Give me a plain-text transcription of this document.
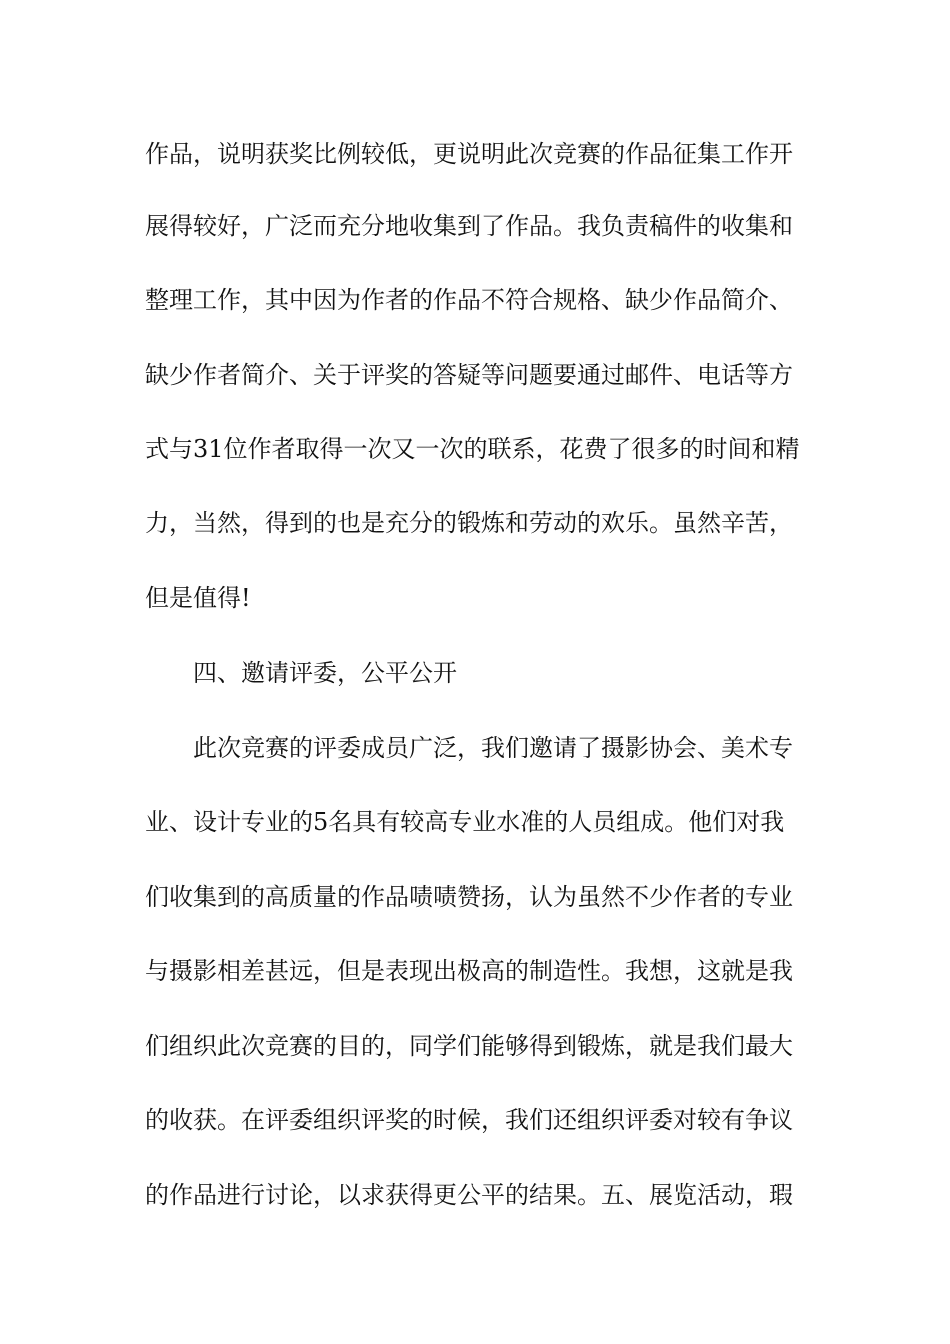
作品，说明获奖比例较低，更说明此次竞赛的作品征集工作开
展得较好，广泛而充分地收集到了作品。我负责稿件的收集和
整理工作，其中因为作者的作品不符合规格、缺少作品简介、
缺少作者简介、关于评奖的答疑等问题要通过邮件、电话等方
式与31位作者取得一次又一次的联系，花费了很多的时间和精
力，当然，得到的也是充分的锻炼和劳动的欢乐。虽然辛苦，
但是值得!
四、邀请评委，公平公开
此次竞赛的评委成员广泛，我们邀请了摄影协会、美术专
业、设计专业的5名具有较高专业水准的人员组成。他们对我
们收集到的高质量的作品啧啧赞扬，认为虽然不少作者的专业
与摄影相差甚远，但是表现出极高的制造性。我想，这就是我
们组织此次竞赛的目的，同学们能够得到锻炼，就是我们最大
的收获。在评委组织评奖的时候，我们还组织评委对较有争议
的作品进行讨论，以求获得更公平的结果。五、展览活动，瑕
